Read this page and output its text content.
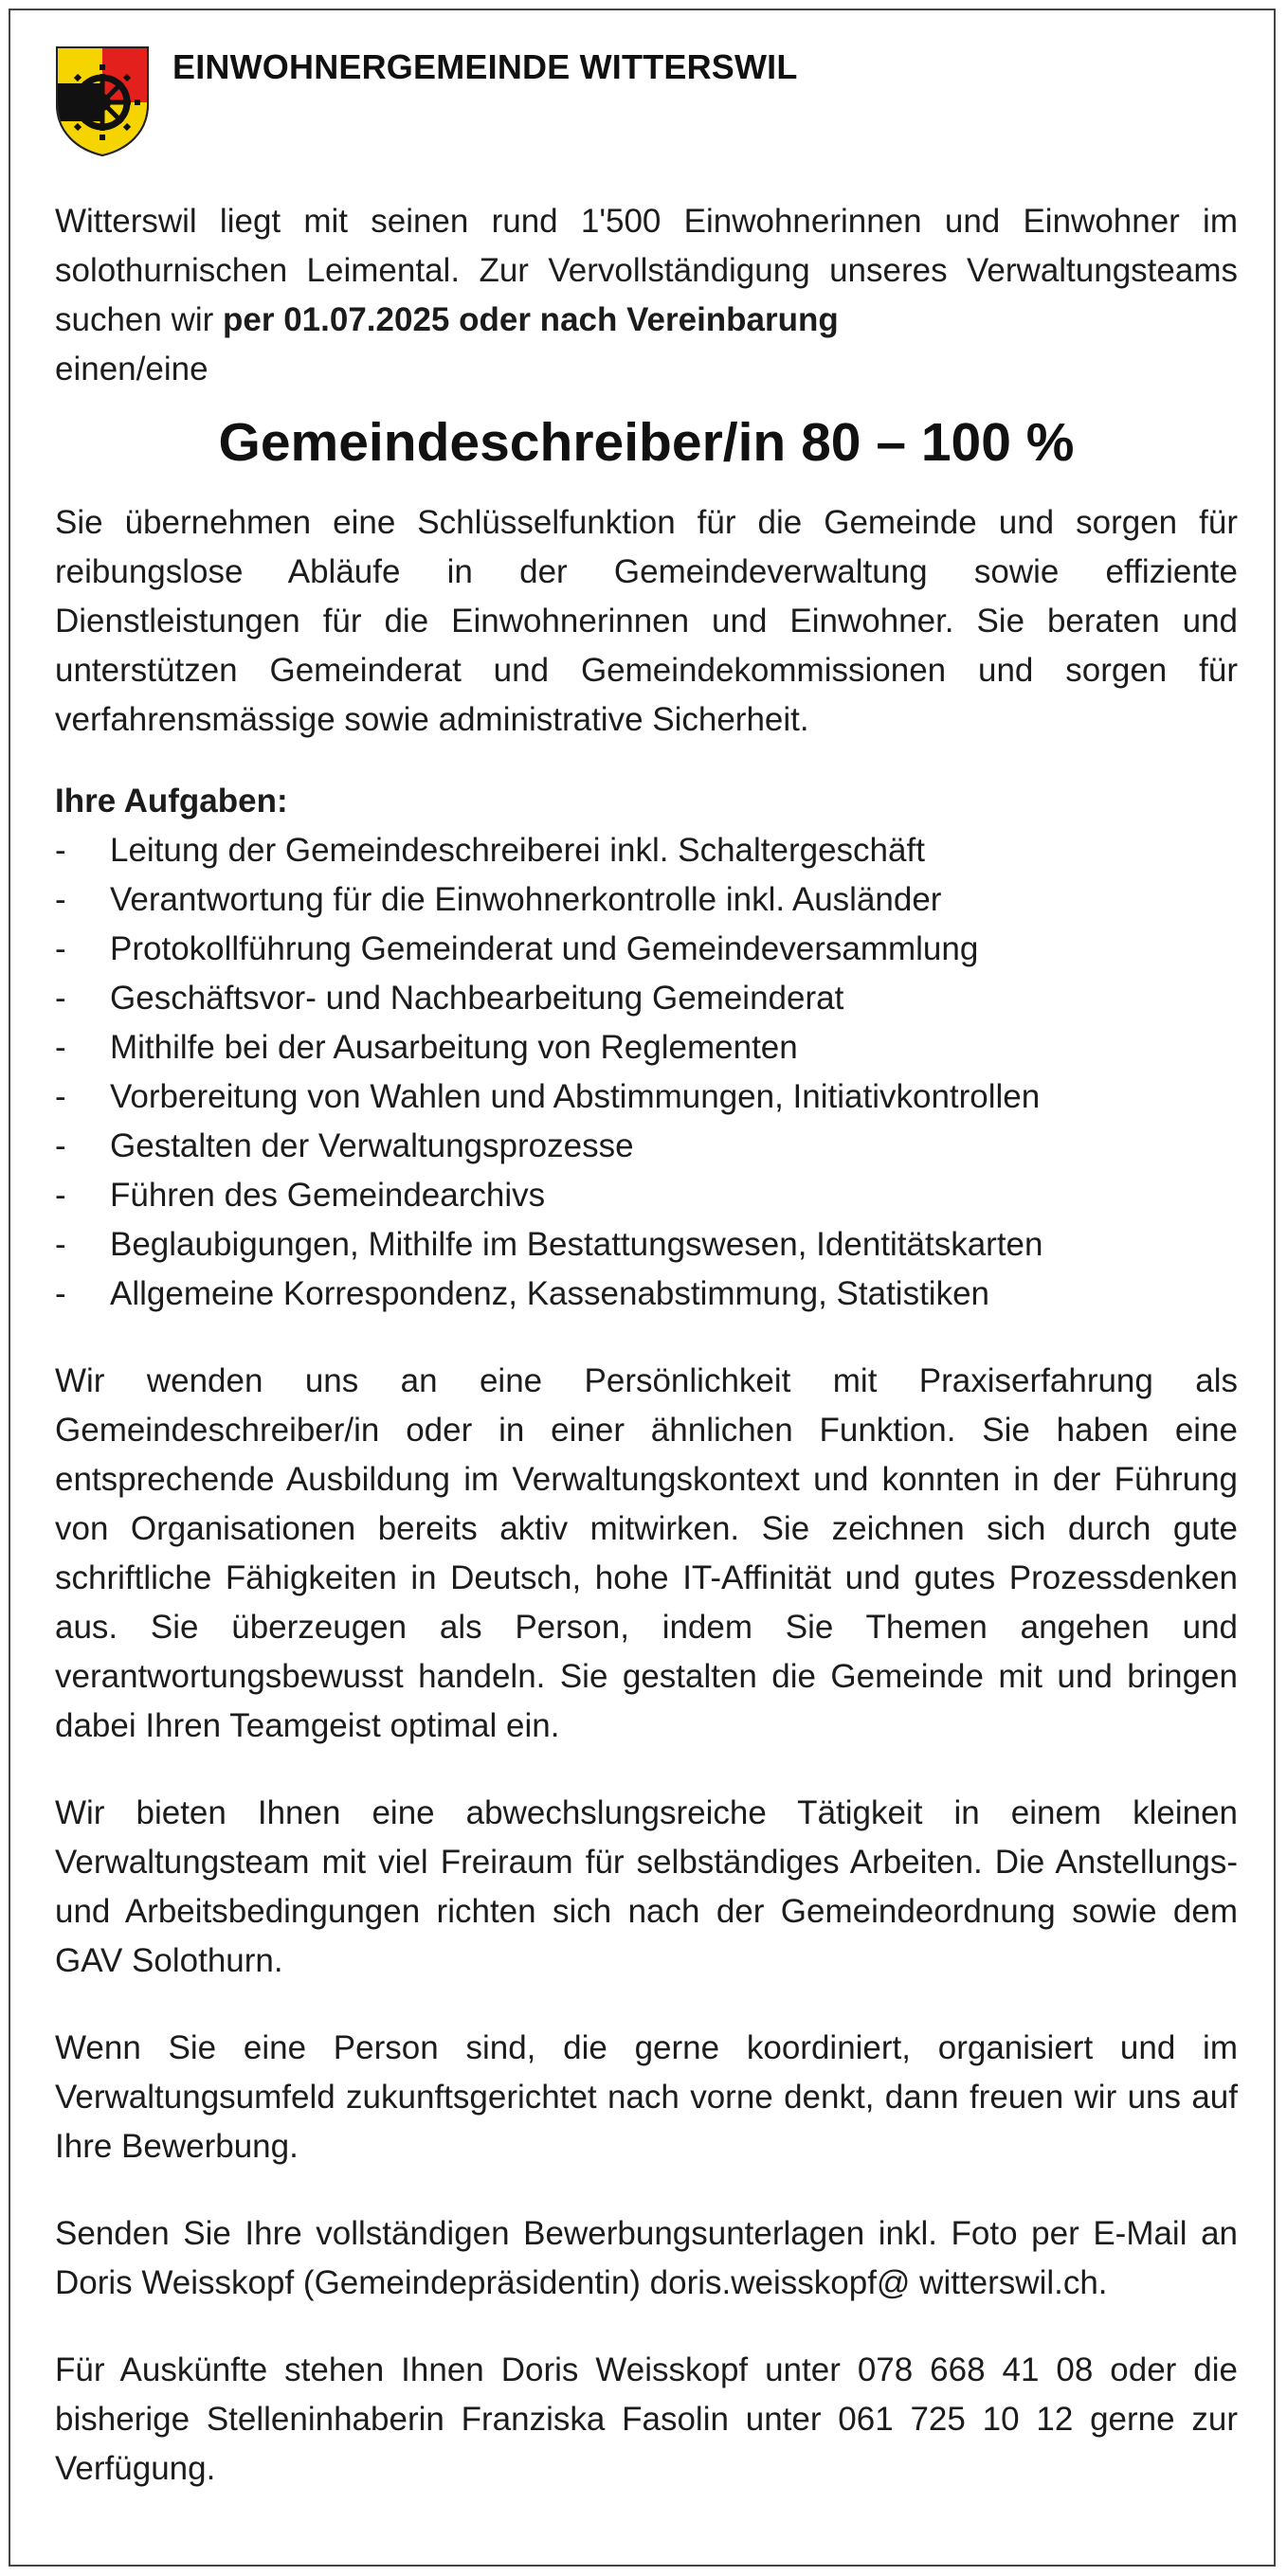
EINWOHNERGEMEINDE WITTERSWIL

Witterswil liegt mit seinen rund 1'500 Einwohnerinnen und Einwohner im solothurnischen Leimental. Zur Vervollständigung unseres Verwaltungsteams suchen wir per 01.07.2025 oder nach Vereinbarung
einen/eine

Gemeindeschreiber/in 80 – 100 %

Sie übernehmen eine Schlüsselfunktion für die Gemeinde und sorgen für reibungslose Abläufe in der Gemeindeverwaltung sowie effiziente Dienstleistungen für die Einwohnerinnen und Einwohner. Sie beraten und unterstützen Gemeinderat und Gemeindekommissionen und sorgen für verfahrensmässige sowie administrative Sicherheit.

Ihre Aufgaben:

-	Leitung der Gemeindeschreiberei inkl. Schaltergeschäft
-	Verantwortung für die Einwohnerkontrolle inkl. Ausländer
-	Protokollführung Gemeinderat und Gemeindeversammlung
-	Geschäftsvor- und Nachbearbeitung Gemeinderat
-	Mithilfe bei der Ausarbeitung von Reglementen
-	Vorbereitung von Wahlen und Abstimmungen, Initiativkontrollen
-	Gestalten der Verwaltungsprozesse
-	Führen des Gemeindearchivs
-	Beglaubigungen, Mithilfe im Bestattungswesen, Identitätskarten
-	Allgemeine Korrespondenz, Kassenabstimmung, Statistiken

Wir wenden uns an eine Persönlichkeit mit Praxiserfahrung als Gemeindeschreiber/in oder in einer ähnlichen Funktion. Sie haben eine entsprechende Ausbildung im Verwaltungskontext und konnten in der Führung von Organisationen bereits aktiv mitwirken. Sie zeichnen sich durch gute schriftliche Fähigkeiten in Deutsch, hohe IT-Affinität und gutes Prozessdenken aus. Sie überzeugen als Person, indem Sie Themen angehen und verantwortungsbewusst handeln. Sie gestalten die Gemeinde mit und bringen dabei Ihren Teamgeist optimal ein.

Wir bieten Ihnen eine abwechslungsreiche Tätigkeit in einem kleinen Verwaltungsteam mit viel Freiraum für selbständiges Arbeiten. Die Anstellungs- und Arbeitsbedingungen richten sich nach der Gemeindeordnung sowie dem GAV Solothurn.

Wenn Sie eine Person sind, die gerne koordiniert, organisiert und im Verwaltungsumfeld zukunftsgerichtet nach vorne denkt, dann freuen wir uns auf Ihre Bewerbung.

Senden Sie Ihre vollständigen Bewerbungsunterlagen inkl. Foto per E-Mail an Doris Weisskopf (Gemeindepräsidentin) doris.weisskopf@ witterswil.ch.

Für Auskünfte stehen Ihnen Doris Weisskopf unter 078 668 41 08 oder die bisherige Stelleninhaberin Franziska Fasolin unter 061 725 10 12 gerne zur Verfügung.
